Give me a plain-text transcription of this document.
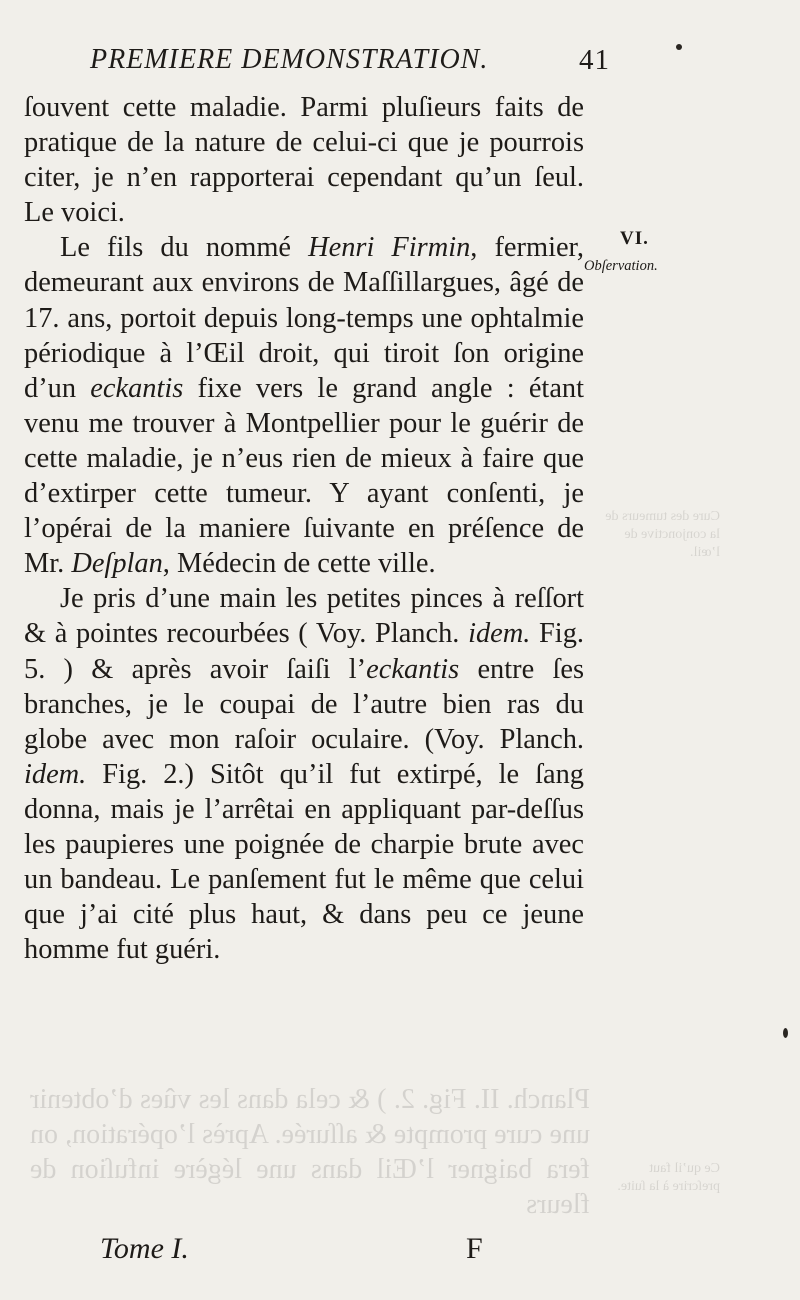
PREMIERE DEMONSTRATION.	41

ſouvent cette maladie. Parmi pluſieurs faits de pratique de la nature de celui-ci que je pourrois citer, je n’en rapporterai cependant qu’un ſeul. Le voici.

Le fils du nommé Henri Firmin, fermier, demeurant aux environs de Maſſillargues, âgé de 17. ans, portoit depuis long-temps une ophtalmie périodique à l’Œil droit, qui tiroit ſon origine d’un eckantis fixe vers le grand angle : étant venu me trouver à Montpellier pour le guérir de cette maladie, je n’eus rien de mieux à faire que d’extirper cette tumeur. Y ayant conſenti, je l’opérai de la maniere ſuivante en préſence de Mr. Deſplan, Médecin de cette ville.

Je pris d’une main les petites pinces à reſſort & à pointes recourbées ( Voy. Planch. idem. Fig. 5. ) & après avoir ſaiſi l’eckantis entre ſes branches, je le coupai de l’autre bien ras du globe avec mon raſoir oculaire. (Voy. Planch. idem. Fig. 2.) Sitôt qu’il fut extirpé, le ſang donna, mais je l’arrêtai en appliquant par-deſſus les paupieres une poignée de charpie brute avec un bandeau. Le panſement fut le même que celui que j’ai cité plus haut, & dans peu ce jeune homme fut guéri.

VI.
Obſervation.
Cure des tumeurs de la conjonctive de l’œil.
Ce qu’il faut preſcrire à la ſuite.
Planch. II. Fig. 2. ) & cela dans les vûes d’obtenir une cure prompte & aſſurée. Après l’opération, on fera baigner l’Œil dans une légère infuſion de fleurs
Tome I.	F
